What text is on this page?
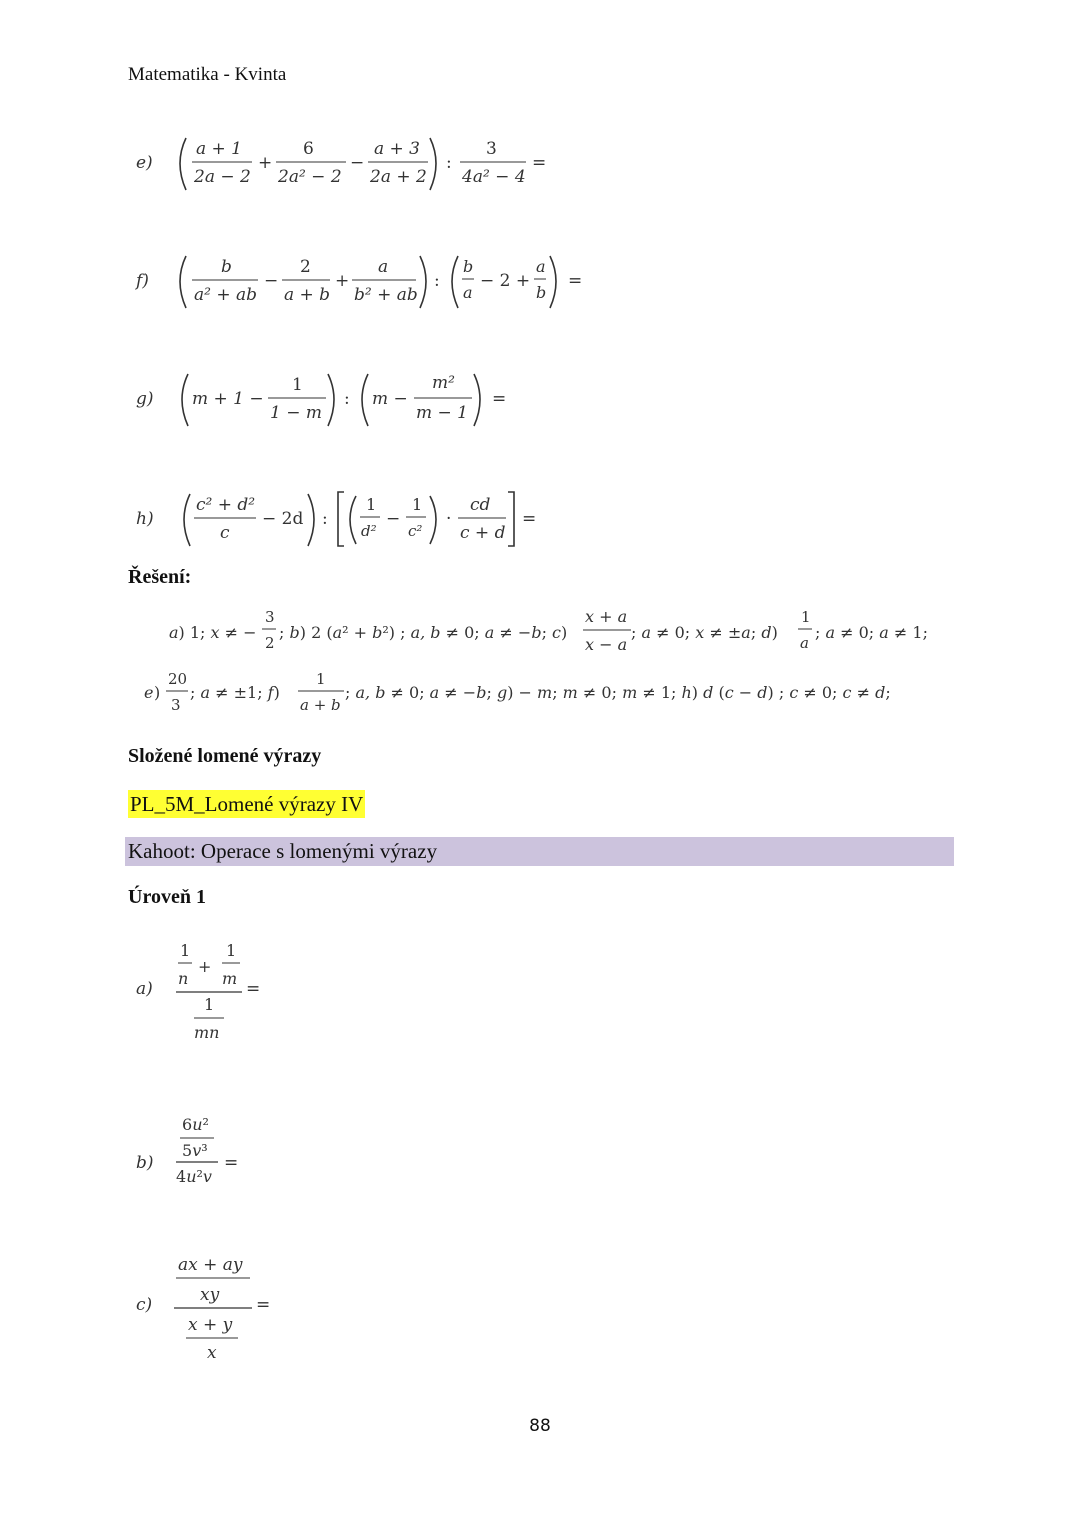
Matematika - Kvinta
e)
a + 1
2a − 2
+
6
2a² − 2
−
a + 3
2a + 2
:
3
4a² − 4
=
f)
b
a² + ab
−
2
a + b
+
a
b² + ab
:
b
a
− 2 +
a
b
=
g) m + 1 −
1
1 − m
: m −
m²
m − 1
=
h)
c² + d²
c
− 2d :
1
d²
−
1
c²
·
cd
c + d
=
Řešení:
a) 1; x ≠ −
3
2
; b) 2 (a² + b²) ; a, b ≠ 0; a ≠ −b; c)
x + a
x − a
; a ≠ 0; x ≠ ±a; d)
1
a
; a ≠ 0; a ≠ 1;
e )
20
3
; a ≠ ±1; f)
1
a + b
; a, b ≠ 0; a ≠ −b; g) − m; m ≠ 0; m ≠ 1; h) d (c − d) ; c ≠ 0; c ≠ d;
Složené lomené výrazy
PL_5M_Lomené výrazy IV
Kahoot: Operace s lomenými výrazy
Úroveň 1
a)
1
n
+
1
m
1
mn
=
b)
6u²
5v³
4u²v
=
c)
ax + ay
xy
x + y
x
=
88
